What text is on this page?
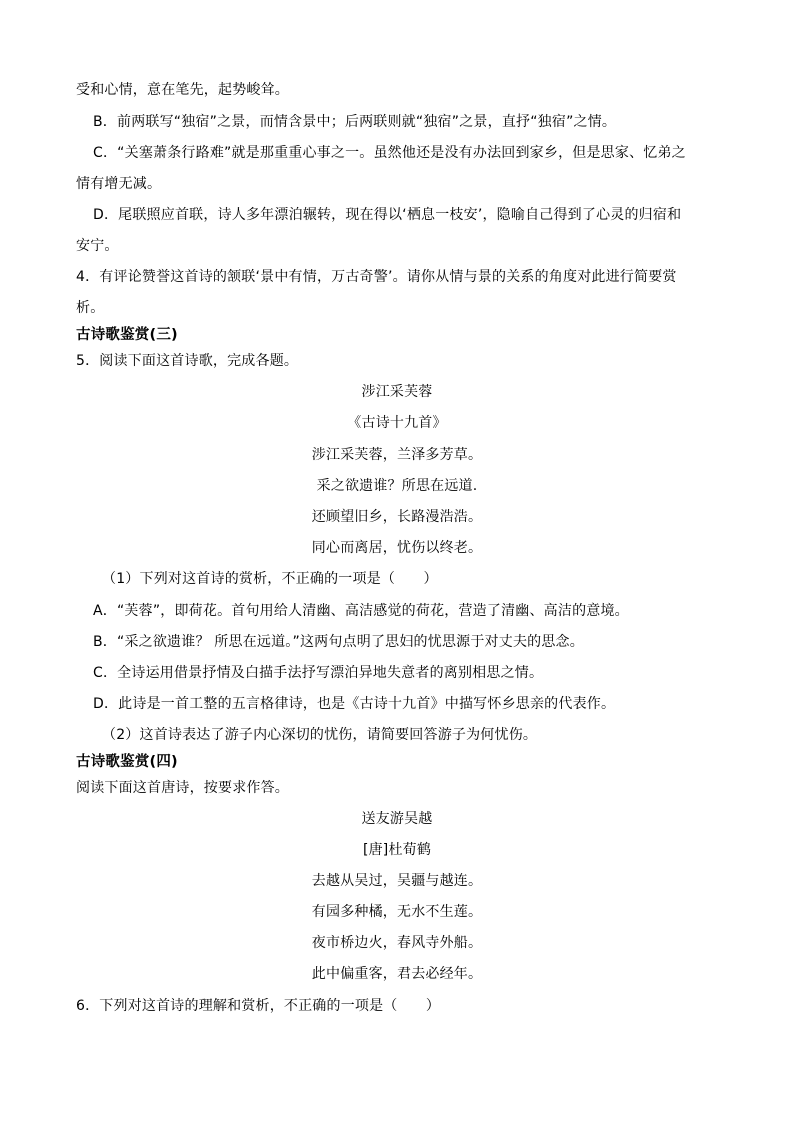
受和心情，意在笔先，起势峻耸。
B．前两联写“独宿”之景，而情含景中；后两联则就“独宿”之景，直抒“独宿”之情。
C．“关塞萧条行路难”就是那重重心事之一。虽然他还是没有办法回到家乡，但是思家、忆弟之
情有增无减。
D．尾联照应首联，诗人多年漂泊辗转，现在得以‘栖息一枝安’，隐喻自己得到了心灵的归宿和
安宁。
4．有评论赞誉这首诗的颔联‘景中有情，万古奇警’。请你从情与景的关系的角度对此进行简要赏
析。
古诗歌鉴赏(三)
5．阅读下面这首诗歌，完成各题。
涉江采芙蓉
《古诗十九首》
涉江采芙蓉，兰泽多芳草。
采之欲遗谁？所思在远道.
还顾望旧乡，长路漫浩浩。
同心而离居，忧伤以终老。
（1）下列对这首诗的赏析，不正确的一项是（　　）
A．“芙蓉”，即荷花。首句用给人清幽、高洁感觉的荷花，营造了清幽、高洁的意境。
B．“采之欲遗谁？ 所思在远道。”这两句点明了思妇的忧思源于对丈夫的思念。
C．全诗运用借景抒情及白描手法抒写漂泊异地失意者的离别相思之情。
D．此诗是一首工整的五言格律诗，也是《古诗十九首》中描写怀乡思亲的代表作。
（2）这首诗表达了游子内心深切的忧伤，请简要回答游子为何忧伤。
古诗歌鉴赏(四)
阅读下面这首唐诗，按要求作答。
送友游吴越
[唐]杜荀鹤
去越从吴过，吴疆与越连。
有园多种橘，无水不生莲。
夜市桥边火，春风寺外船。
此中偏重客，君去必经年。
6．下列对这首诗的理解和赏析，不正确的一项是（　　）
